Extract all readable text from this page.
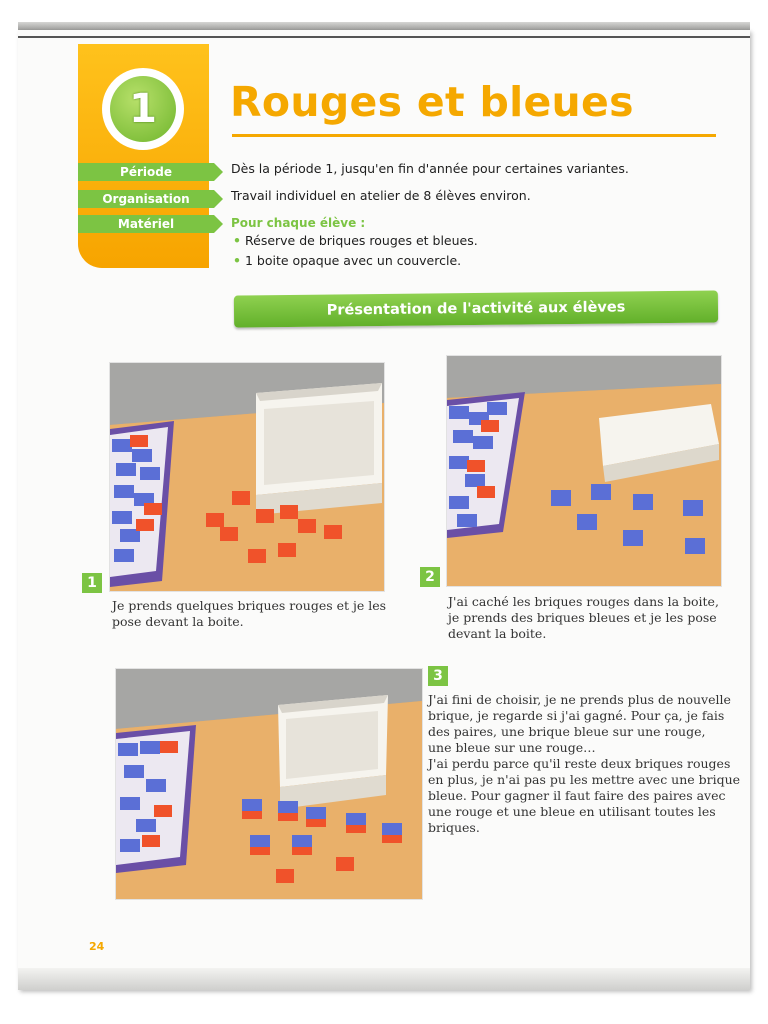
1	Rouges et bleues
Période	Dès la période 1, jusqu'en fin d'année pour certaines variantes.
Organisation	Travail individuel en atelier de 8 élèves environ.
Matériel	Pour chaque élève :
• Réserve de briques rouges et bleues.
• 1 boite opaque avec un couvercle.
Présentation de l'activité aux élèves
1
Je prends quelques briques rouges et je les
pose devant la boite.
2
J'ai caché les briques rouges dans la boite,
je prends des briques bleues et je les pose
devant la boite.
3
J'ai fini de choisir, je ne prends plus de nouvelle
brique, je regarde si j'ai gagné. Pour ça, je fais
des paires, une brique bleue sur une rouge,
une bleue sur une rouge…
J'ai perdu parce qu'il reste deux briques rouges
en plus, je n'ai pas pu les mettre avec une brique
bleue. Pour gagner il faut faire des paires avec
une rouge et une bleue en utilisant toutes les
briques.
24
